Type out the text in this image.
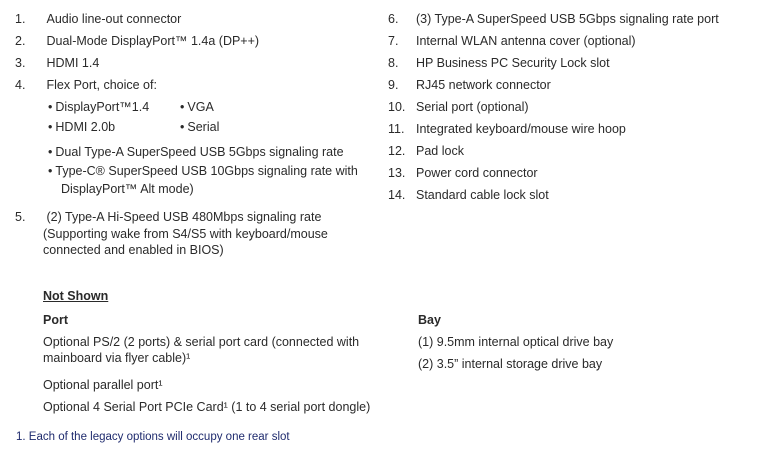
1. Audio line-out connector
2. Dual-Mode DisplayPort™ 1.4a (DP++)
3. HDMI 1.4
4. Flex Port, choice of:
• DisplayPort™1.4	• VGA
• HDMI 2.0b	• Serial
• Dual Type-A SuperSpeed USB 5Gbps signaling rate
• Type-C® SuperSpeed USB 10Gbps signaling rate with
DisplayPort™ Alt mode)
5. (2) Type-A Hi-Speed USB 480Mbps signaling rate
(Supporting wake from S4/S5 with keyboard/mouse
connected and enabled in BIOS)
6. (3) Type-A SuperSpeed USB 5Gbps signaling rate port
7. Internal WLAN antenna cover (optional)
8. HP Business PC Security Lock slot
9. RJ45 network connector
10. Serial port (optional)
11. Integrated keyboard/mouse wire hoop
12. Pad lock
13. Power cord connector
14. Standard cable lock slot
Not Shown
Port
Optional PS/2 (2 ports) & serial port card (connected with
mainboard via flyer cable)¹
Optional parallel port¹
Optional 4 Serial Port PCIe Card¹ (1 to 4 serial port dongle)
Bay
(1) 9.5mm internal optical drive bay
(2) 3.5” internal storage drive bay
1. Each of the legacy options will occupy one rear slot
